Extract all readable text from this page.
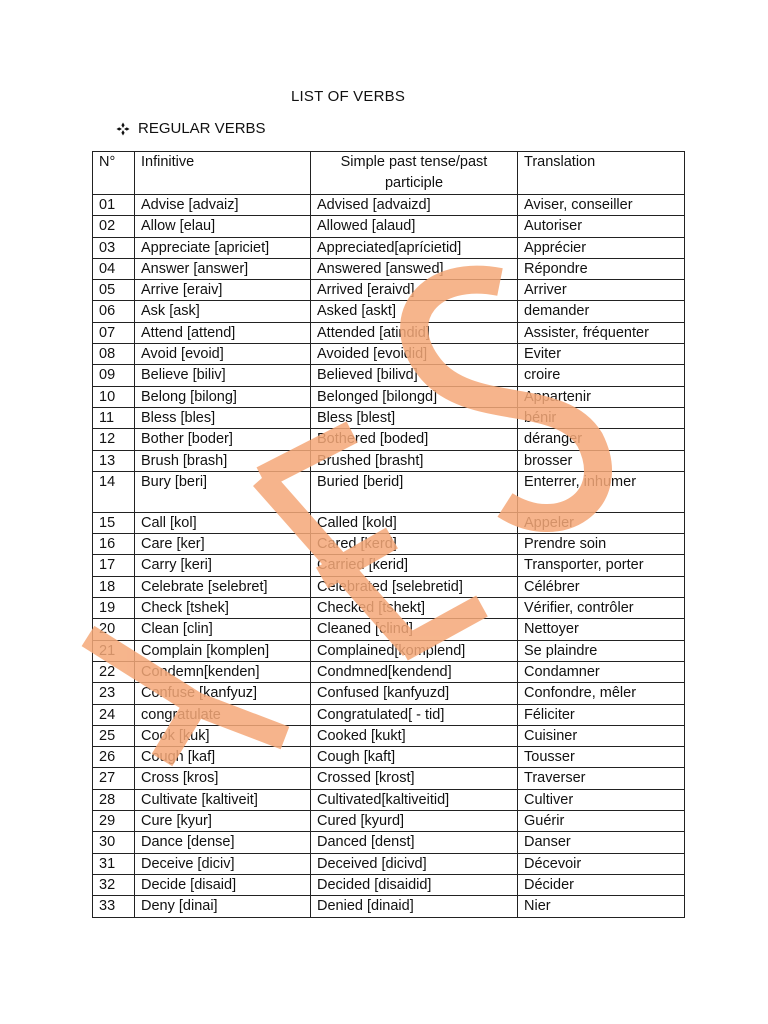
LIST OF VERBS
REGULAR VERBS
N°	Infinitive	Simple past tense/past participle	Translation
01	Advise [advaiz]	Advised [advaizd]	Aviser, conseiller
02	Allow [elau]	Allowed [alaud]	Autoriser
03	Appreciate [apriciet]	Appreciated[aprícietid]	Apprécier
04	Answer [answer]	Answered [answed]	Répondre
05	Arrive [eraiv]	Arrived [eraivd]	Arriver
06	Ask [ask]	Asked [askt]	demander
07	Attend [attend]	Attended [atindid]	Assister, fréquenter
08	Avoid [evoid]	Avoided [evoidid]	Eviter
09	Believe [biliv]	Believed [bilivd]	croire
10	Belong [bilong]	Belonged [bilongd]	Appartenir
11	Bless [bles]	Bless [blest]	bénir
12	Bother [boder]	Bothered [boded]	déranger
13	Brush [brash]	Brushed [brasht]	brosser
14	Bury [beri]	Buried [berid]	Enterrer, inhumer
15	Call [kol]	Called [kold]	Appeler
16	Care [ker]	Cared [kerd]	Prendre soin
17	Carry [keri]	Carried [kerid]	Transporter, porter
18	Celebrate [selebret]	Celebrated [selebretid]	Célébrer
19	Check [tshek]	Checked [tshekt]	Vérifier, contrôler
20	Clean [clin]	Cleaned [clind]	Nettoyer
21	Complain [komplen]	Complained[komplend]	Se plaindre
22	Condemn[kenden]	Condmned[kendend]	Condamner
23	Confuse [kanfyuz]	Confused [kanfyuzd]	Confondre, mêler
24	congratulate	Congratulated[ - tid]	Féliciter
25	Cook [kuk]	Cooked [kukt]	Cuisiner
26	Cough [kaf]	Cough [kaft]	Tousser
27	Cross [kros]	Crossed [krost]	Traverser
28	Cultivate [kaltiveit]	Cultivated[kaltiveitid]	Cultiver
29	Cure [kyur]	Cured [kyurd]	Guérir
30	Dance [dense]	Danced [denst]	Danser
31	Deceive [diciv]	Deceived [dicivd]	Décevoir
32	Decide [disaid]	Decided [disaidid]	Décider
33	Deny [dinai]	Denied [dinaid]	Nier
